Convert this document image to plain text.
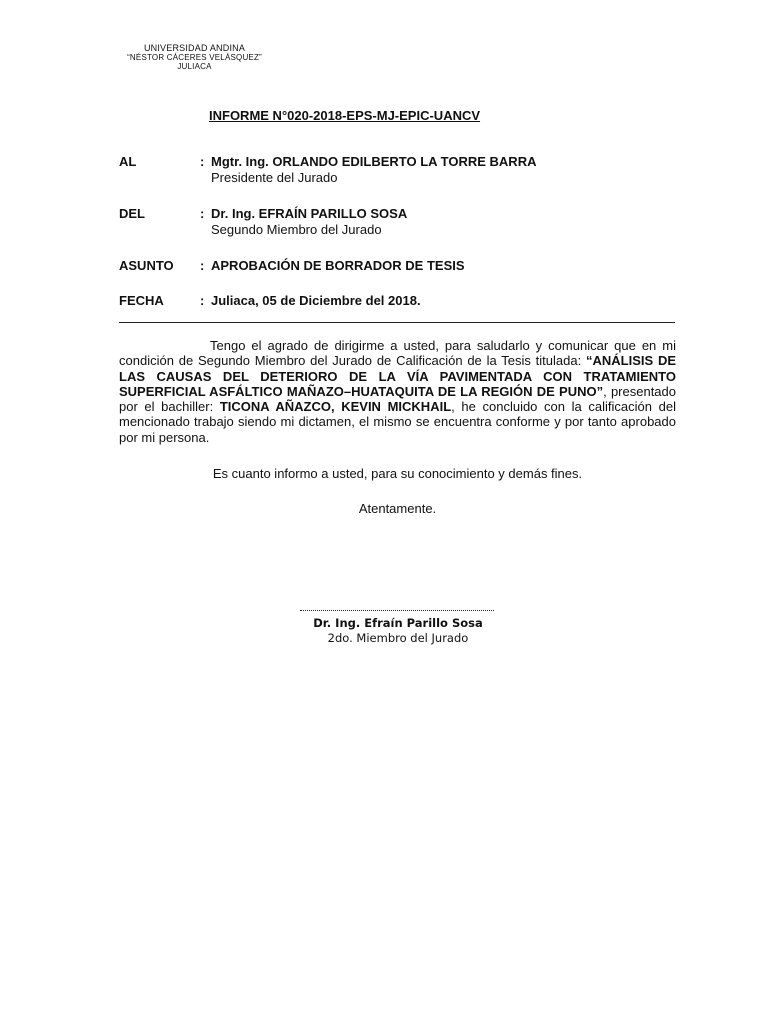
UNIVERSIDAD ANDINA
“NÉSTOR CÁCERES VELÁSQUEZ”
JULIACA
INFORME N°020-2018-EPS-MJ-EPIC-UANCV
AL	: Mgtr. Ing. ORLANDO EDILBERTO LA TORRE BARRA
Presidente del Jurado
DEL	: Dr. Ing. EFRAÍN PARILLO SOSA
Segundo Miembro del Jurado
ASUNTO : APROBACIÓN DE BORRADOR DE TESIS
FECHA	: Juliaca, 05 de Diciembre del 2018.
Tengo el agrado de dirigirme a usted, para saludarlo y comunicar que en mi condición de Segundo Miembro del Jurado de Calificación de la Tesis titulada: “ANÁLISIS DE LAS CAUSAS DEL DETERIORO DE LA VÍA PAVIMENTADA CON TRATAMIENTO SUPERFICIAL ASFÁLTICO MAÑAZO–HUATAQUITA DE LA REGIÓN DE PUNO”, presentado por el bachiller: TICONA AÑAZCO, KEVIN MICKHAIL, he concluido con la calificación del mencionado trabajo siendo mi dictamen, el mismo se encuentra conforme y por tanto aprobado por mi persona.
Es cuanto informo a usted, para su conocimiento y demás fines.
Atentamente.
Dr. Ing. Efraín Parillo Sosa
2do. Miembro del Jurado
